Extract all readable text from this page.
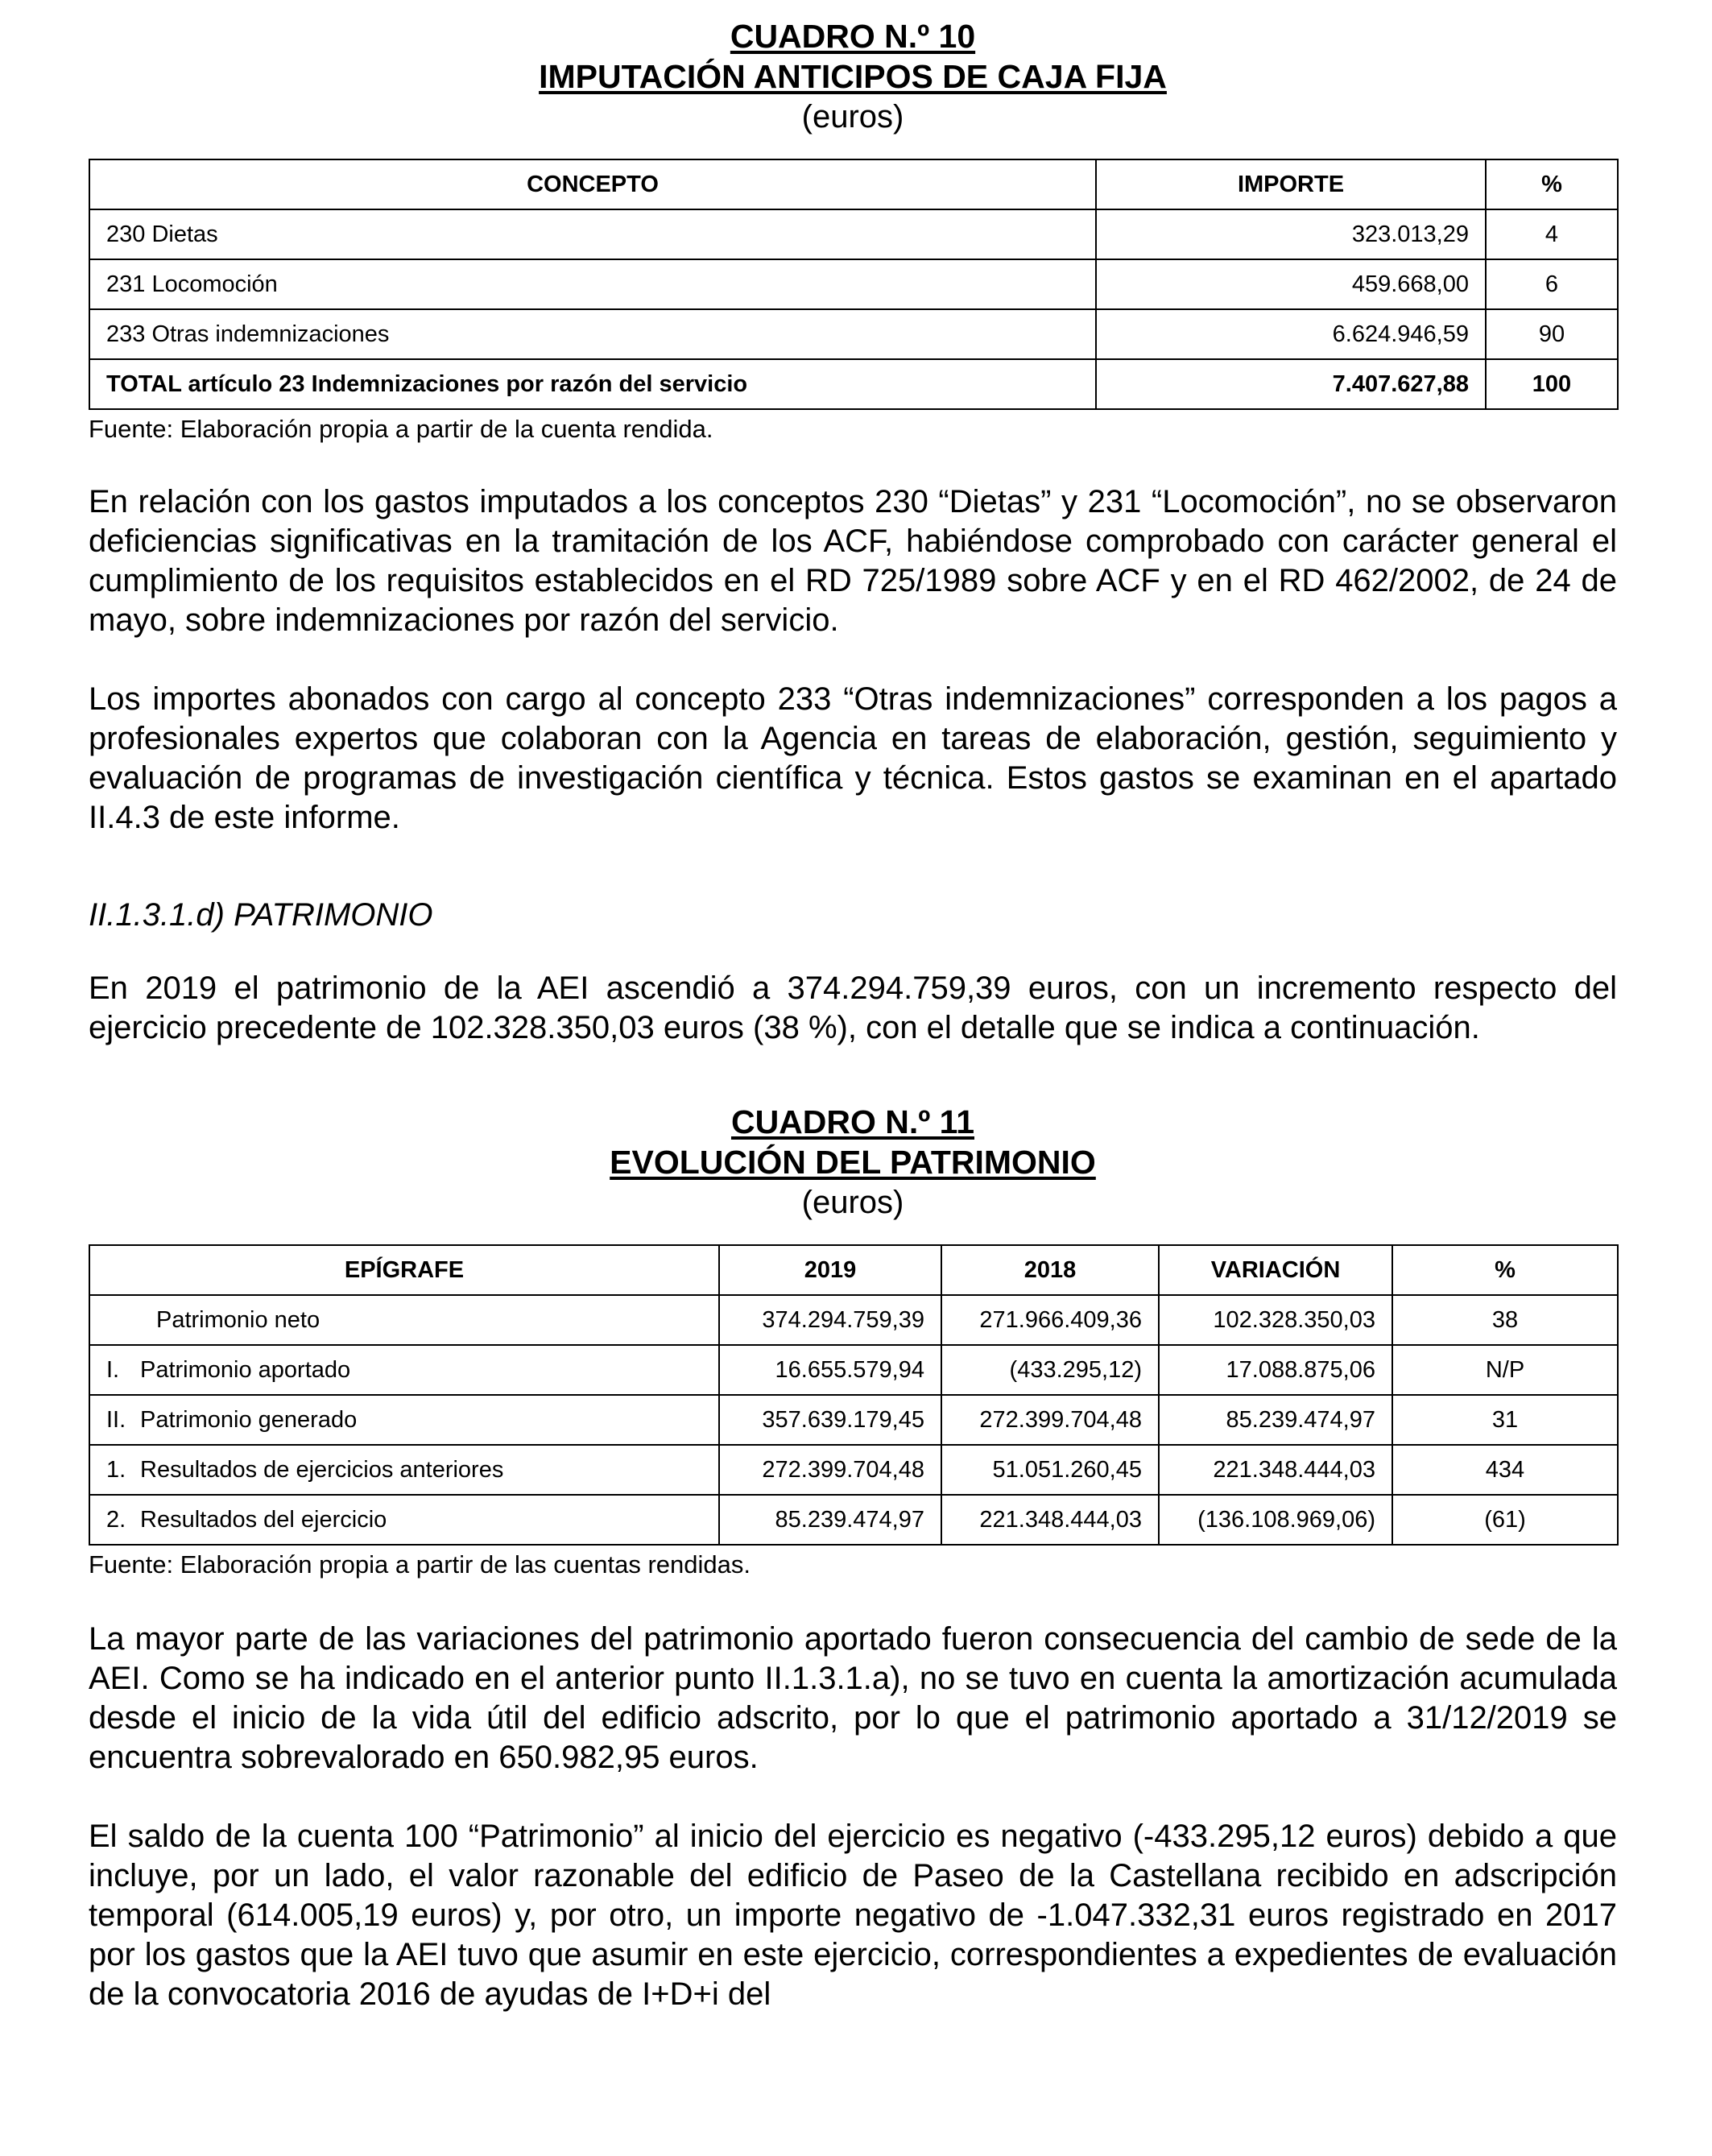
CUADRO N.º 10
IMPUTACIÓN ANTICIPOS DE CAJA FIJA
(euros)
CONCEPTO	IMPORTE	%
230 Dietas	323.013,29	4
231 Locomoción	459.668,00	6
233 Otras indemnizaciones	6.624.946,59	90
TOTAL artículo 23 Indemnizaciones por razón del servicio	7.407.627,88	100
Fuente: Elaboración propia a partir de la cuenta rendida.

En relación con los gastos imputados a los conceptos 230 “Dietas” y 231 “Locomoción”, no se observaron deficiencias significativas en la tramitación de los ACF, habiéndose comprobado con carácter general el cumplimiento de los requisitos establecidos en el RD 725/1989 sobre ACF y en el RD 462/2002, de 24 de mayo, sobre indemnizaciones por razón del servicio.

Los importes abonados con cargo al concepto 233 “Otras indemnizaciones” corresponden a los pagos a profesionales expertos que colaboran con la Agencia en tareas de elaboración, gestión, seguimiento y evaluación de programas de investigación científica y técnica. Estos gastos se examinan en el apartado II.4.3 de este informe.

II.1.3.1.d) PATRIMONIO

En 2019 el patrimonio de la AEI ascendió a 374.294.759,39 euros, con un incremento respecto del ejercicio precedente de 102.328.350,03 euros (38 %), con el detalle que se indica a continuación.

CUADRO N.º 11
EVOLUCIÓN DEL PATRIMONIO
(euros)
EPÍGRAFE	2019	2018	VARIACIÓN	%
Patrimonio neto	374.294.759,39	271.966.409,36	102.328.350,03	38
I. Patrimonio aportado	16.655.579,94	(433.295,12)	17.088.875,06	N/P
II. Patrimonio generado	357.639.179,45	272.399.704,48	85.239.474,97	31
1. Resultados de ejercicios anteriores	272.399.704,48	51.051.260,45	221.348.444,03	434
2. Resultados del ejercicio	85.239.474,97	221.348.444,03	(136.108.969,06)	(61)
Fuente: Elaboración propia a partir de las cuentas rendidas.

La mayor parte de las variaciones del patrimonio aportado fueron consecuencia del cambio de sede de la AEI. Como se ha indicado en el anterior punto II.1.3.1.a), no se tuvo en cuenta la amortización acumulada desde el inicio de la vida útil del edificio adscrito, por lo que el patrimonio aportado a 31/12/2019 se encuentra sobrevalorado en 650.982,95 euros.

El saldo de la cuenta 100 “Patrimonio” al inicio del ejercicio es negativo (-433.295,12 euros) debido a que incluye, por un lado, el valor razonable del edificio de Paseo de la Castellana recibido en adscripción temporal (614.005,19 euros) y, por otro, un importe negativo de -1.047.332,31 euros registrado en 2017 por los gastos que la AEI tuvo que asumir en este ejercicio, correspondientes a expedientes de evaluación de la convocatoria 2016 de ayudas de I+D+i del
